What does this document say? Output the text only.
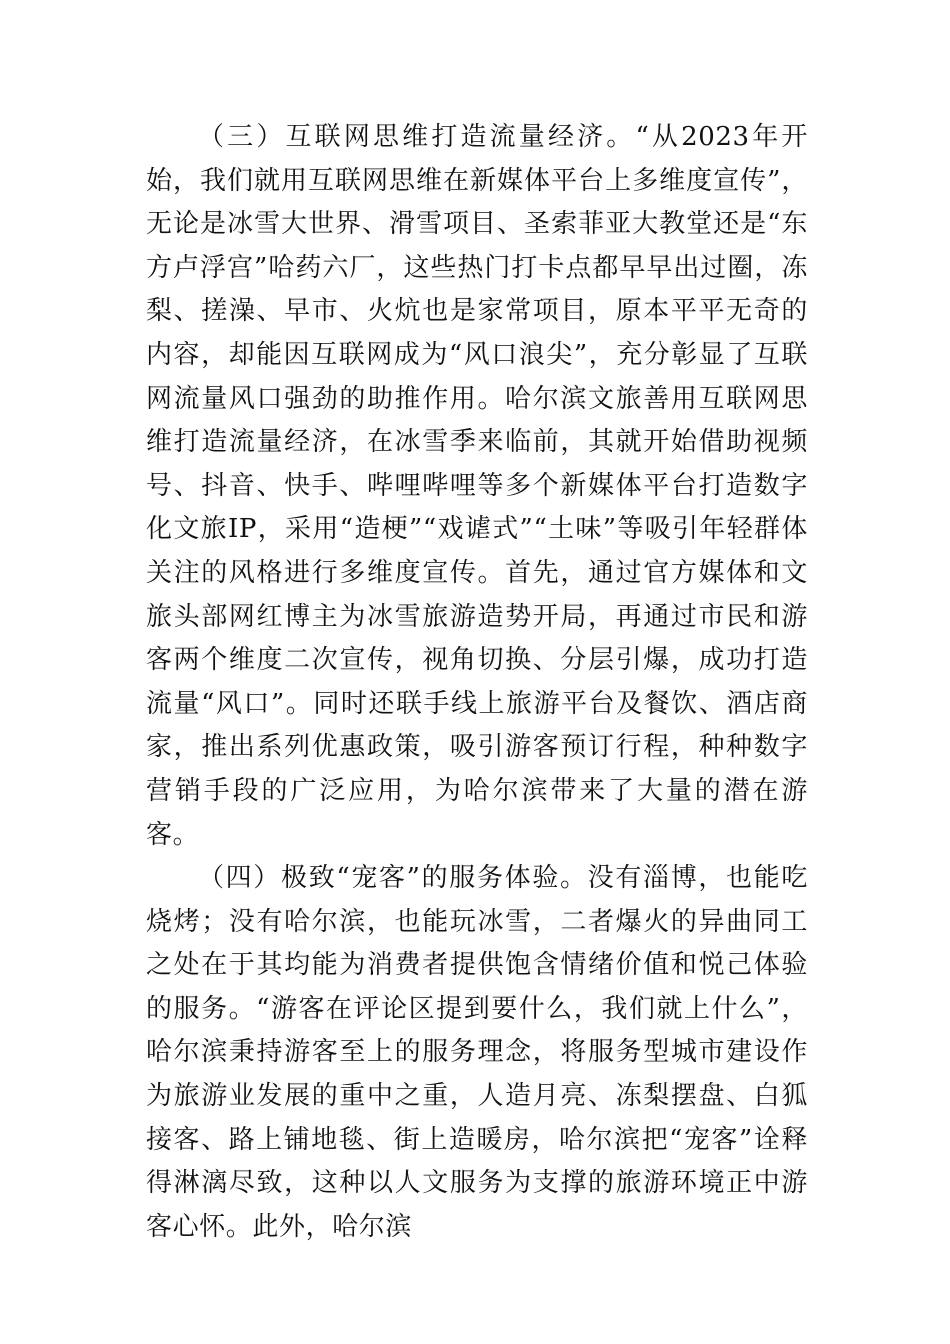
（三）互联网思维打造流量经济。“从2023年开始，我们就用互联网思维在新媒体平台上多维度宣传”，无论是冰雪大世界、滑雪项目、圣索菲亚大教堂还是“东方卢浮宫”哈药六厂，这些热门打卡点都早早出过圈，冻梨、搓澡、早市、火炕也是家常项目，原本平平无奇的内容，却能因互联网成为“风口浪尖”，充分彰显了互联网流量风口强劲的助推作用。哈尔滨文旅善用互联网思维打造流量经济，在冰雪季来临前，其就开始借助视频号、抖音、快手、哔哩哔哩等多个新媒体平台打造数字化文旅IP，采用“造梗”“戏谑式”“土味”等吸引年轻群体关注的风格进行多维度宣传。首先，通过官方媒体和文旅头部网红博主为冰雪旅游造势开局，再通过市民和游客两个维度二次宣传，视角切换、分层引爆，成功打造流量“风口”。同时还联手线上旅游平台及餐饮、酒店商家，推出系列优惠政策，吸引游客预订行程，种种数字营销手段的广泛应用，为哈尔滨带来了大量的潜在游客。

（四）极致“宠客”的服务体验。没有淄博，也能吃烧烤；没有哈尔滨，也能玩冰雪，二者爆火的异曲同工之处在于其均能为消费者提供饱含情绪价值和悦己体验的服务。“游客在评论区提到要什么，我们就上什么”，哈尔滨秉持游客至上的服务理念，将服务型城市建设作为旅游业发展的重中之重，人造月亮、冻梨摆盘、白狐接客、路上铺地毯、街上造暖房，哈尔滨把“宠客”诠释得淋漓尽致，这种以人文服务为支撑的旅游环境正中游客心怀。此外，哈尔滨
